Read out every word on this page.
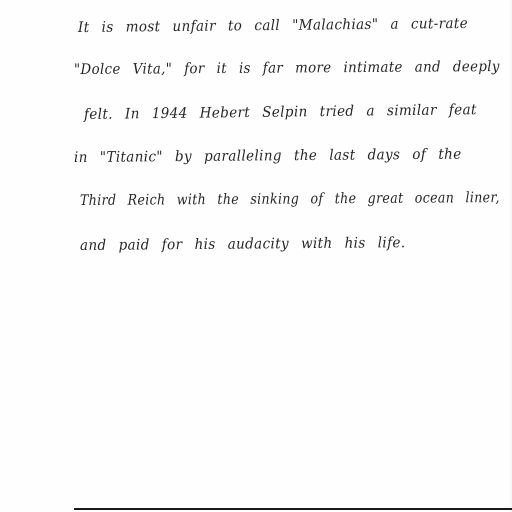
It is most unfair to call "Malachias" a cut-rate
"Dolce Vita," for it is far more intimate and deeply
felt. In 1944 Hebert Selpin tried a similar feat
in "Titanic" by paralleling the last days of the
Third Reich with the sinking of the great ocean liner,
and paid for his audacity with his life.
